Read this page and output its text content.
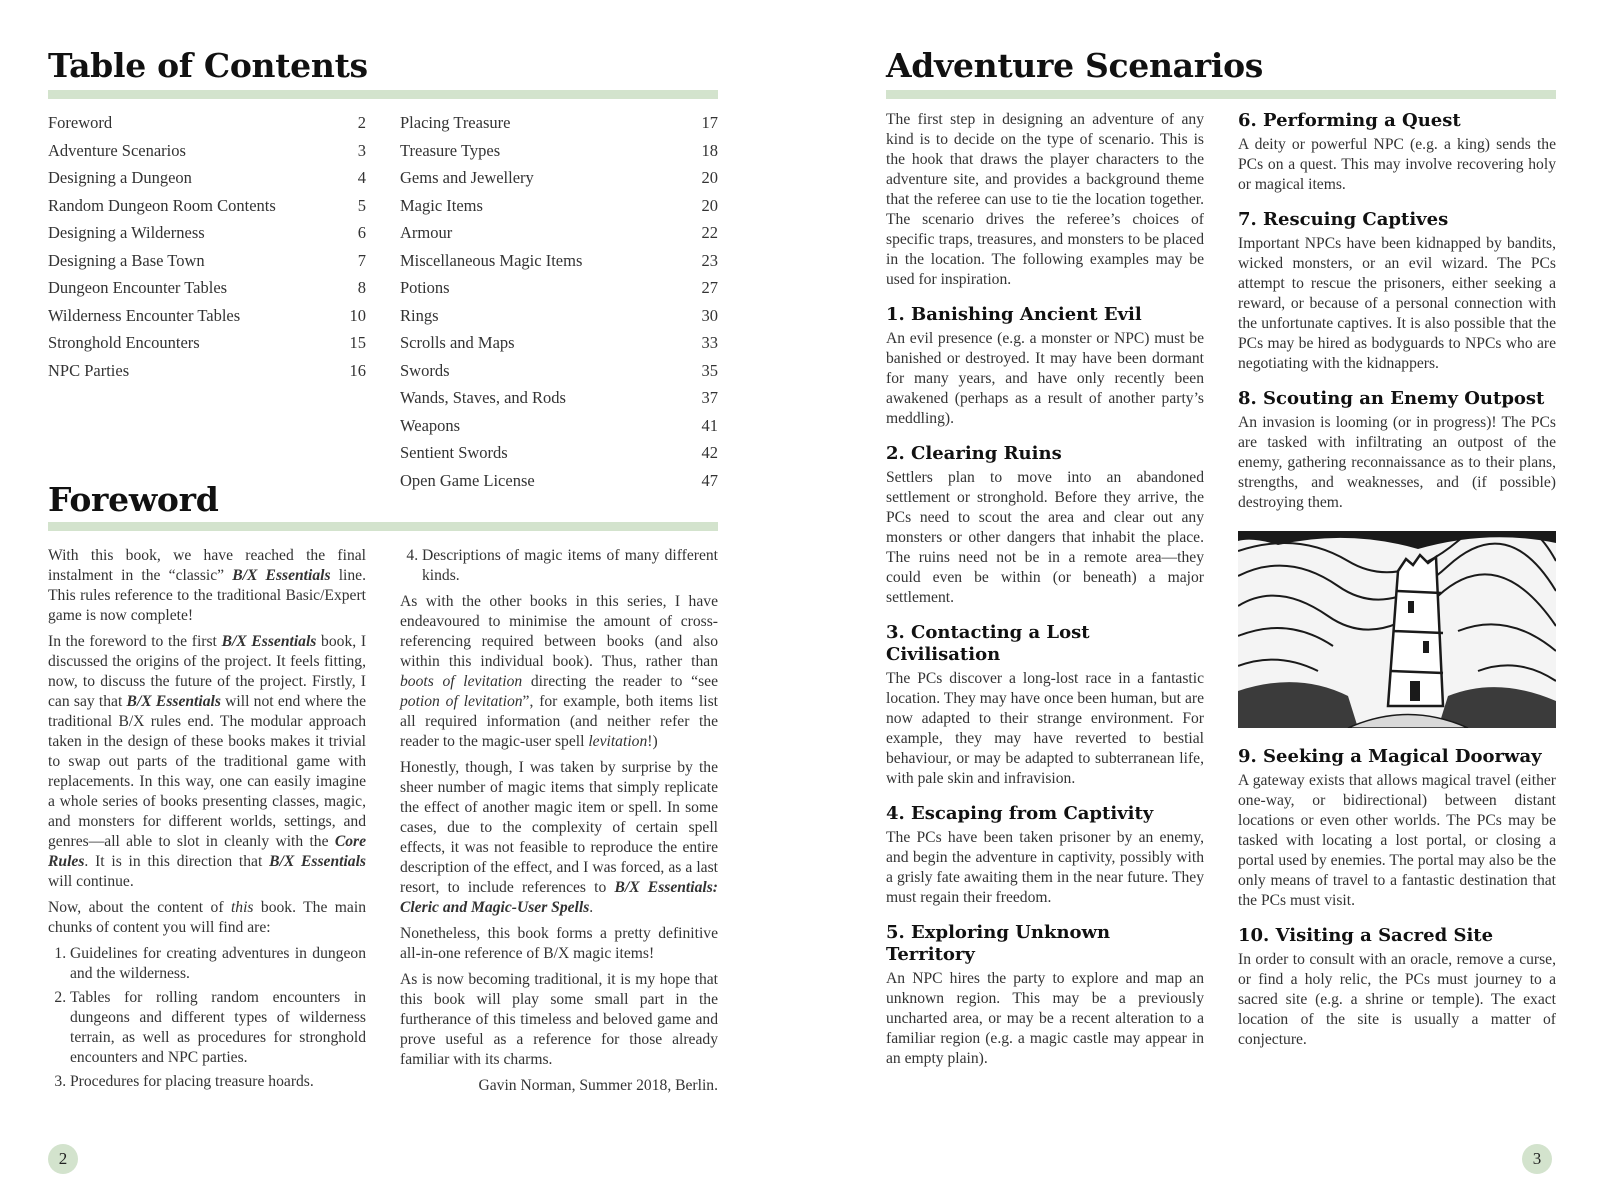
Table of Contents
Foreword	2
Adventure Scenarios	3
Designing a Dungeon	4
Random Dungeon Room Contents	5
Designing a Wilderness	6
Designing a Base Town	7
Dungeon Encounter Tables	8
Wilderness Encounter Tables	10
Stronghold Encounters	15
NPC Parties	16
Placing Treasure	17
Treasure Types	18
Gems and Jewellery	20
Magic Items	20
Armour	22
Miscellaneous Magic Items	23
Potions	27
Rings	30
Scrolls and Maps	33
Swords	35
Wands, Staves, and Rods	37
Weapons	41
Sentient Swords	42
Open Game License	47
Foreword

With this book, we have reached the final instalment in the “classic” B/X Essentials line. This rules reference to the traditional Basic/Expert game is now complete!

In the foreword to the first B/X Essentials book, I discussed the origins of the project. It feels fitting, now, to discuss the future of the project. Firstly, I can say that B/X Essentials will not end where the traditional B/X rules end. The modular approach taken in the design of these books makes it trivial to swap out parts of the traditional game with replacements. In this way, one can easily imagine a whole series of books presenting classes, magic, and monsters for different worlds, settings, and genres—all able to slot in cleanly with the Core Rules. It is in this direction that B/X Essentials will continue.

Now, about the content of this book. The main chunks of content you will find are:

1. Guidelines for creating adventures in dungeon and the wilderness.
2. Tables for rolling random encounters in dungeons and different types of wilderness terrain, as well as procedures for stronghold encounters and NPC parties.
3. Procedures for placing treasure hoards.
4. Descriptions of magic items of many different kinds.

As with the other books in this series, I have endeavoured to minimise the amount of cross-referencing required between books (and also within this individual book). Thus, rather than boots of levitation directing the reader to “see potion of levitation”, for example, both items list all required information (and neither refer the reader to the magic-user spell levitation!)

Honestly, though, I was taken by surprise by the sheer number of magic items that simply replicate the effect of another magic item or spell. In some cases, due to the complexity of certain spell effects, it was not feasible to reproduce the entire description of the effect, and I was forced, as a last resort, to include references to B/X Essentials: Cleric and Magic-User Spells.

Nonetheless, this book forms a pretty definitive all-in-one reference of B/X magic items!

As is now becoming traditional, it is my hope that this book will play some small part in the furtherance of this timeless and beloved game and prove useful as a reference for those already familiar with its charms.

Gavin Norman, Summer 2018, Berlin.

2
Adventure Scenarios

The first step in designing an adventure of any kind is to decide on the type of scenario. This is the hook that draws the player characters to the adventure site, and provides a background theme that the referee can use to tie the location together. The scenario drives the referee’s choices of specific traps, treasures, and monsters to be placed in the location. The following examples may be used for inspiration.

1. Banishing Ancient Evil

An evil presence (e.g. a monster or NPC) must be banished or destroyed. It may have been dormant for many years, and have only recently been awakened (perhaps as a result of another party’s meddling).

2. Clearing Ruins

Settlers plan to move into an abandoned settlement or stronghold. Before they arrive, the PCs need to scout the area and clear out any monsters or other dangers that inhabit the place. The ruins need not be in a remote area—they could even be within (or beneath) a major settlement.

3. Contacting a Lost Civilisation

The PCs discover a long-lost race in a fantastic location. They may have once been human, but are now adapted to their strange environment. For example, they may have reverted to bestial behaviour, or may be adapted to subterranean life, with pale skin and infravision.

4. Escaping from Captivity

The PCs have been taken prisoner by an enemy, and begin the adventure in captivity, possibly with a grisly fate awaiting them in the near future. They must regain their freedom.

5. Exploring Unknown Territory

An NPC hires the party to explore and map an unknown region. This may be a previously uncharted area, or may be a recent alteration to a familiar region (e.g. a magic castle may appear in an empty plain).

6. Performing a Quest

A deity or powerful NPC (e.g. a king) sends the PCs on a quest. This may involve recovering holy or magical items.

7. Rescuing Captives

Important NPCs have been kidnapped by bandits, wicked monsters, or an evil wizard. The PCs attempt to rescue the prisoners, either seeking a reward, or because of a personal connection with the unfortunate captives. It is also possible that the PCs may be hired as bodyguards to NPCs who are negotiating with the kidnappers.

8. Scouting an Enemy Outpost

An invasion is looming (or in progress)! The PCs are tasked with infiltrating an outpost of the enemy, gathering reconnaissance as to their plans, strengths, and weaknesses, and (if possible) destroying them.

9. Seeking a Magical Doorway

A gateway exists that allows magical travel (either one-way, or bidirectional) between distant locations or even other worlds. The PCs may be tasked with locating a lost portal, or closing a portal used by enemies. The portal may also be the only means of travel to a fantastic destination that the PCs must visit.

10. Visiting a Sacred Site

In order to consult with an oracle, remove a curse, or find a holy relic, the PCs must journey to a sacred site (e.g. a shrine or temple). The exact location of the site is usually a matter of conjecture.

3
